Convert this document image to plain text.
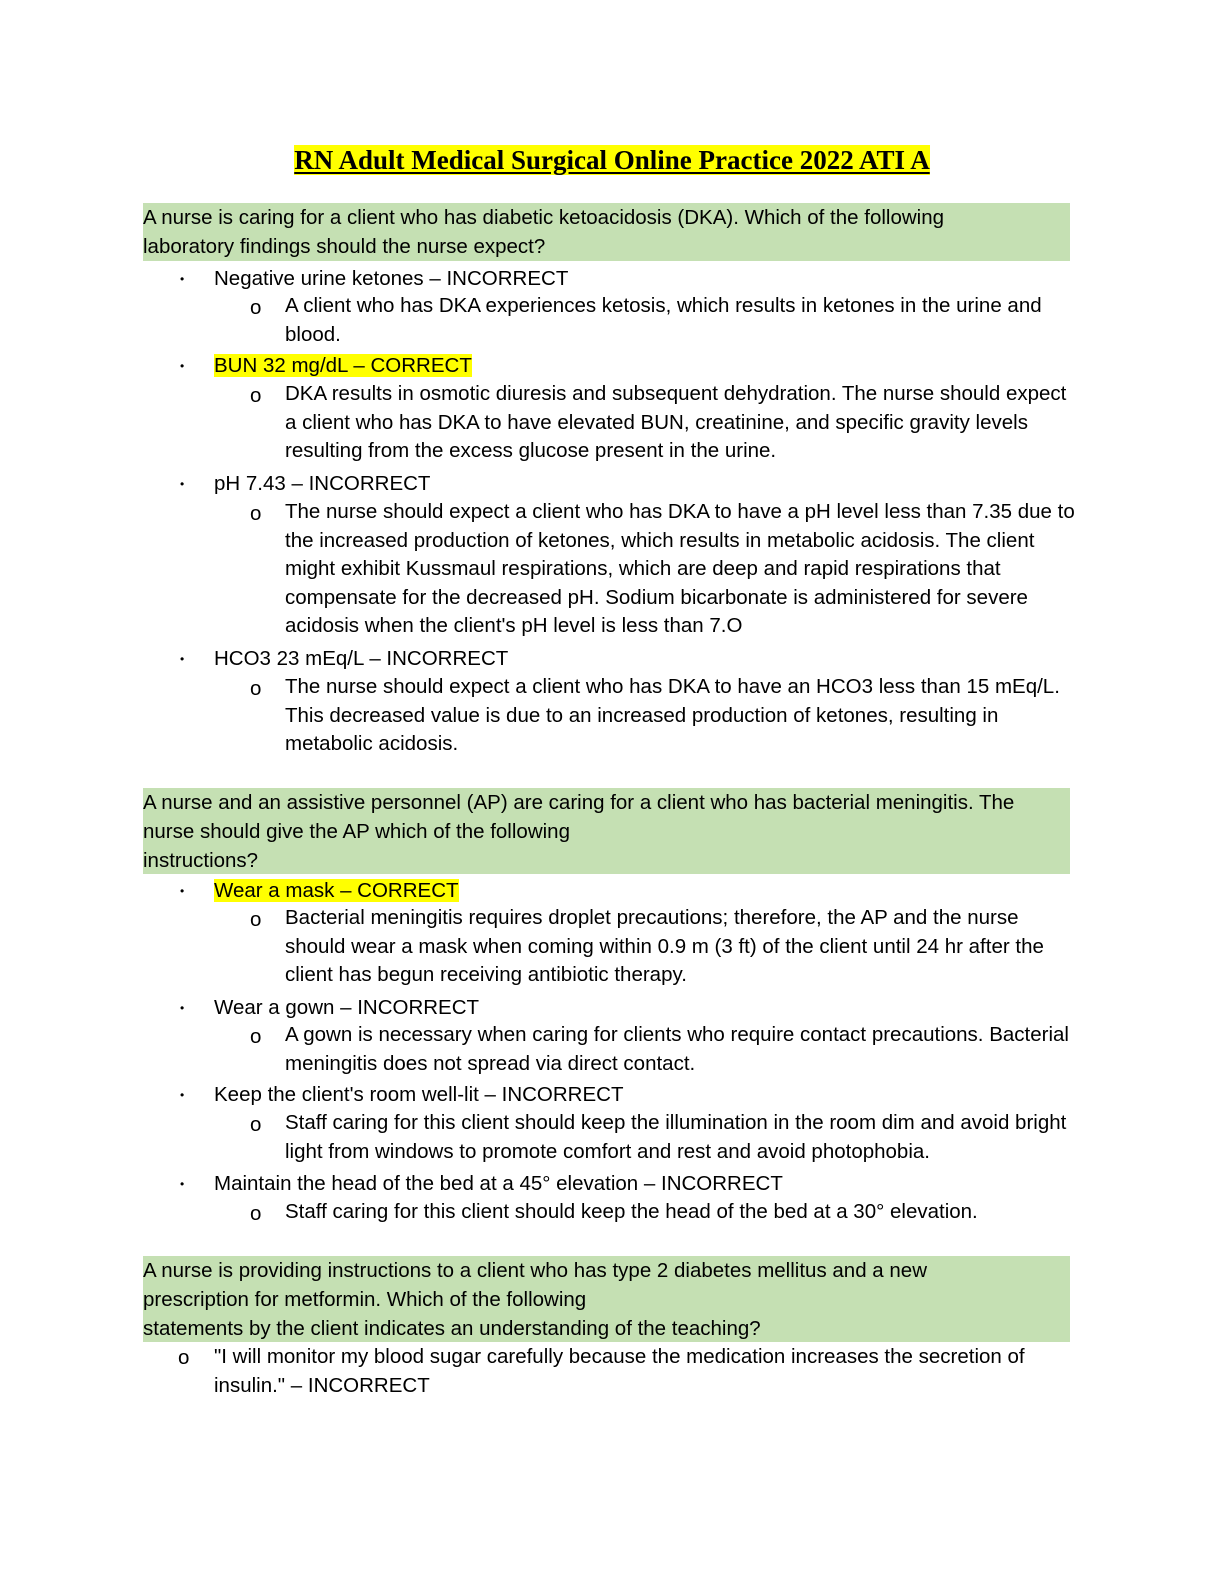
RN Adult Medical Surgical Online Practice 2022 ATI A
A nurse is caring for a client who has diabetic ketoacidosis (DKA). Which of the following
laboratory findings should the nurse expect?
• Negative urine ketones – INCORRECT
o A client who has DKA experiences ketosis, which results in ketones in the urine and blood.
• BUN 32 mg/dL – CORRECT
o DKA results in osmotic diuresis and subsequent dehydration. The nurse should expect a client who has DKA to have elevated BUN, creatinine, and specific gravity levels resulting from the excess glucose present in the urine.
• pH 7.43 – INCORRECT
o The nurse should expect a client who has DKA to have a pH level less than 7.35 due to the increased production of ketones, which results in metabolic acidosis. The client might exhibit Kussmaul respirations, which are deep and rapid respirations that compensate for the decreased pH. Sodium bicarbonate is administered for severe acidosis when the client's pH level is less than 7.O
• HCO3 23 mEq/L – INCORRECT
o The nurse should expect a client who has DKA to have an HCO3 less than 15 mEq/L. This decreased value is due to an increased production of ketones, resulting in metabolic acidosis.
A nurse and an assistive personnel (AP) are caring for a client who has bacterial meningitis. The
nurse should give the AP which of the following
instructions?
• Wear a mask – CORRECT
o Bacterial meningitis requires droplet precautions; therefore, the AP and the nurse should wear a mask when coming within 0.9 m (3 ft) of the client until 24 hr after the client has begun receiving antibiotic therapy.
• Wear a gown – INCORRECT
o A gown is necessary when caring for clients who require contact precautions. Bacterial meningitis does not spread via direct contact.
• Keep the client's room well-lit – INCORRECT
o Staff caring for this client should keep the illumination in the room dim and avoid bright light from windows to promote comfort and rest and avoid photophobia.
• Maintain the head of the bed at a 45° elevation – INCORRECT
o Staff caring for this client should keep the head of the bed at a 30° elevation.
A nurse is providing instructions to a client who has type 2 diabetes mellitus and a new
prescription for metformin. Which of the following
statements by the client indicates an understanding of the teaching?
o "I will monitor my blood sugar carefully because the medication increases the secretion of insulin." – INCORRECT
